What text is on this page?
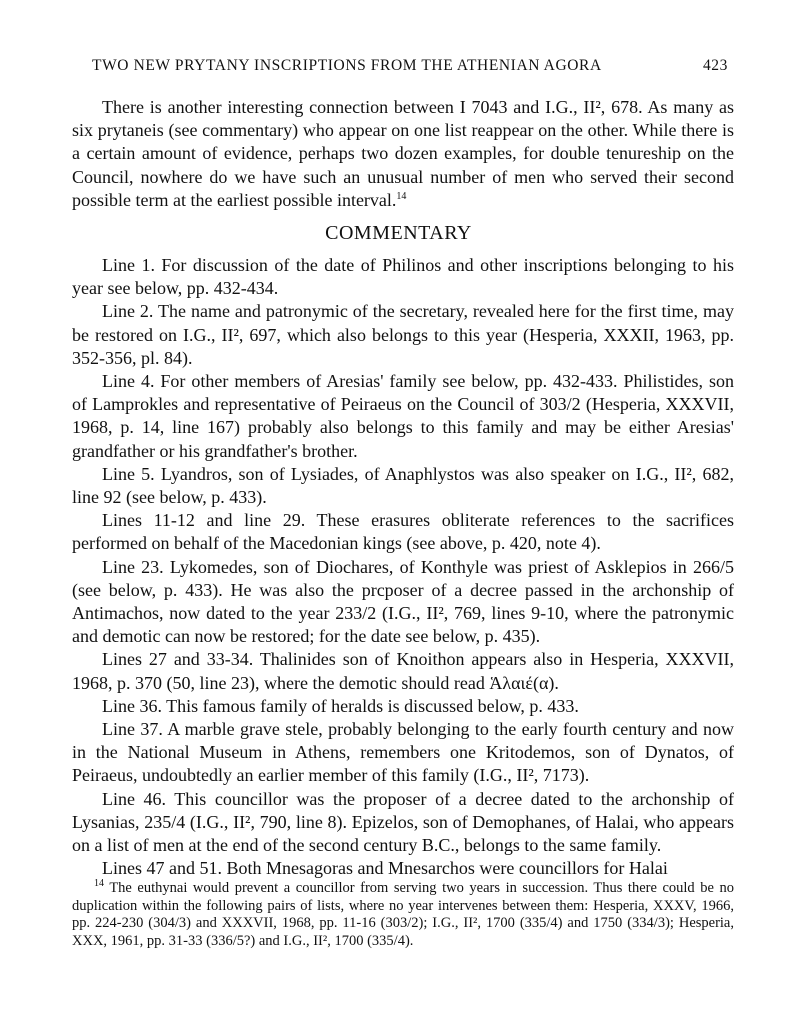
TWO NEW PRYTANY INSCRIPTIONS FROM THE ATHENIAN AGORA	423

There is another interesting connection between I 7043 and I.G., II², 678. As many as six prytaneis (see commentary) who appear on one list reappear on the other. While there is a certain amount of evidence, perhaps two dozen examples, for double tenureship on the Council, nowhere do we have such an unusual number of men who served their second possible term at the earliest possible interval.$^{14}$

COMMENTARY

Line 1. For discussion of the date of Philinos and other inscriptions belonging to his year see below, pp. 432-434.

Line 2. The name and patronymic of the secretary, revealed here for the first time, may be restored on I.G., II², 697, which also belongs to this year (Hesperia, XXXII, 1963, pp. 352-356, pl. 84).

Line 4. For other members of Aresias' family see below, pp. 432-433. Philistides, son of Lamprokles and representative of Peiraeus on the Council of 303/2 (Hesperia, XXXVII, 1968, p. 14, line 167) probably also belongs to this family and may be either Aresias' grandfather or his grandfather's brother.

Line 5. Lyandros, son of Lysiades, of Anaphlystos was also speaker on I.G., II², 682, line 92 (see below, p. 433).

Lines 11-12 and line 29. These erasures obliterate references to the sacrifices performed on behalf of the Macedonian kings (see above, p. 420, note 4).

Line 23. Lykomedes, son of Diochares, of Konthyle was priest of Asklepios in 266/5 (see below, p. 433). He was also the prcposer of a decree passed in the archonship of Antimachos, now dated to the year 233/2 (I.G., II², 769, lines 9-10, where the patronymic and demotic can now be restored; for the date see below, p. 435).

Lines 27 and 33-34. Thalinides son of Knoithon appears also in Hesperia, XXXVII, 1968, p. 370 (50, line 23), where the demotic should read Ἁλαιέ(α).

Line 36. This famous family of heralds is discussed below, p. 433.

Line 37. A marble grave stele, probably belonging to the early fourth century and now in the National Museum in Athens, remembers one Kritodemos, son of Dynatos, of Peiraeus, undoubtedly an earlier member of this family (I.G., II², 7173).

Line 46. This councillor was the proposer of a decree dated to the archonship of Lysanias, 235/4 (I.G., II², 790, line 8). Epizelos, son of Demophanes, of Halai, who appears on a list of men at the end of the second century B.C., belongs to the same family.

Lines 47 and 51. Both Mnesagoras and Mnesarchos were councillors for Halai

$^{14}$ The euthynai would prevent a councillor from serving two years in succession. Thus there could be no duplication within the following pairs of lists, where no year intervenes between them: Hesperia, XXXV, 1966, pp. 224-230 (304/3) and XXXVII, 1968, pp. 11-16 (303/2); I.G., II², 1700 (335/4) and 1750 (334/3); Hesperia, XXX, 1961, pp. 31-33 (336/5?) and I.G., II², 1700 (335/4).
